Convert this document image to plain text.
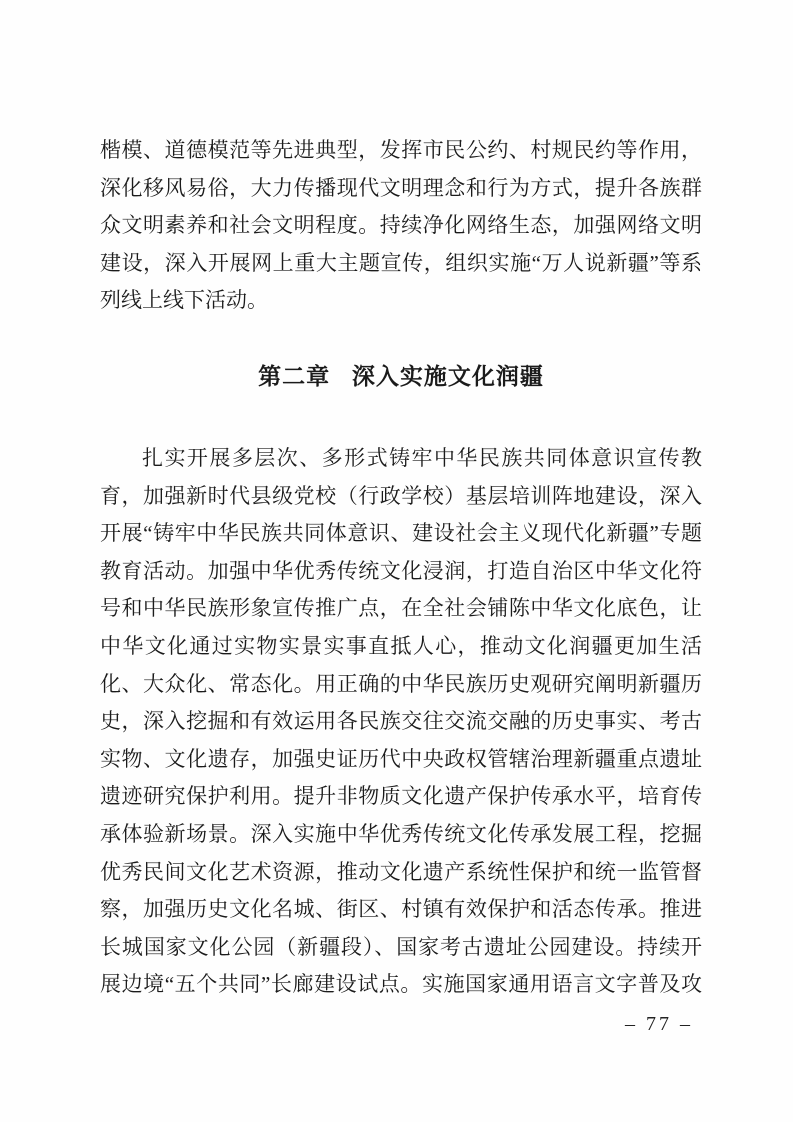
楷模、道德模范等先进典型，发挥市民公约、村规民约等作用，
深化移风易俗，大力传播现代文明理念和行为方式，提升各族群
众文明素养和社会文明程度。持续净化网络生态，加强网络文明
建设，深入开展网上重大主题宣传，组织实施“万人说新疆”等系
列线上线下活动。
第二章 深入实施文化润疆
扎实开展多层次、多形式铸牢中华民族共同体意识宣传教
育，加强新时代县级党校（行政学校）基层培训阵地建设，深入
开展“铸牢中华民族共同体意识、建设社会主义现代化新疆”专题
教育活动。加强中华优秀传统文化浸润，打造自治区中华文化符
号和中华民族形象宣传推广点，在全社会铺陈中华文化底色，让
中华文化通过实物实景实事直抵人心，推动文化润疆更加生活
化、大众化、常态化。用正确的中华民族历史观研究阐明新疆历
史，深入挖掘和有效运用各民族交往交流交融的历史事实、考古
实物、文化遗存，加强史证历代中央政权管辖治理新疆重点遗址
遗迹研究保护利用。提升非物质文化遗产保护传承水平，培育传
承体验新场景。深入实施中华优秀传统文化传承发展工程，挖掘
优秀民间文化艺术资源，推动文化遗产系统性保护和统一监管督
察，加强历史文化名城、街区、村镇有效保护和活态传承。推进
长城国家文化公园（新疆段）、国家考古遗址公园建设。持续开
展边境“五个共同”长廊建设试点。实施国家通用语言文字普及攻
– 77 –
